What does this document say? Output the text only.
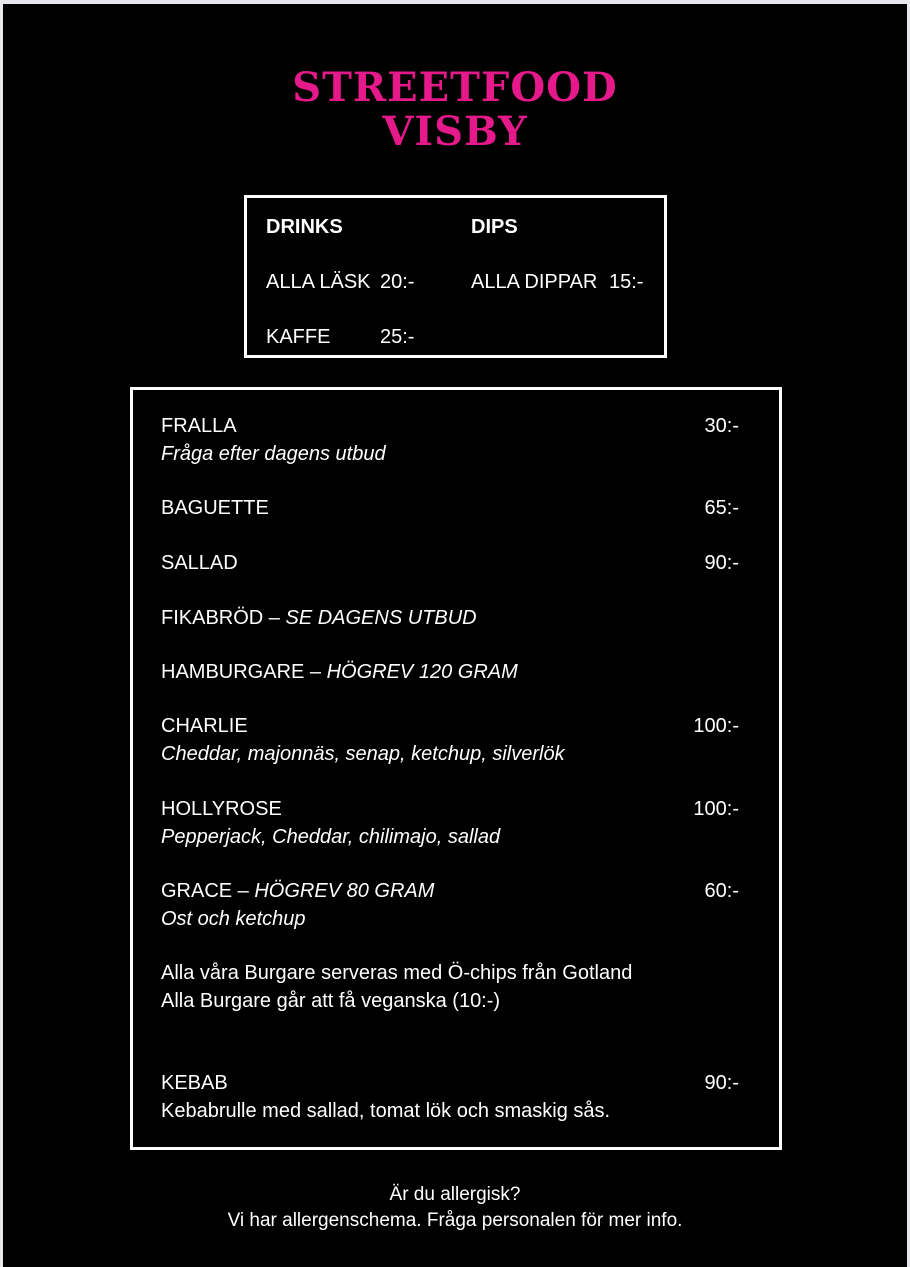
STREETFOOD
VISBY
DRINKS	DIPS
ALLA LÄSK 20:-	ALLA DIPPAR 15:-
KAFFE 25:-
FRALLA	30:-
Fråga efter dagens utbud
BAGUETTE	65:-
SALLAD	90:-
FIKABRÖD – SE DAGENS UTBUD
HAMBURGARE – HÖGREV 120 GRAM
CHARLIE	100:-
Cheddar, majonnäs, senap, ketchup, silverlök
HOLLYROSE	100:-
Pepperjack, Cheddar, chilimajo, sallad
GRACE – HÖGREV 80 GRAM	60:-
Ost och ketchup
Alla våra Burgare serveras med Ö-chips från Gotland
Alla Burgare går att få veganska (10:-)
KEBAB	90:-
Kebabrulle med sallad, tomat lök och smaskig sås.
Är du allergisk?
Vi har allergenschema. Fråga personalen för mer info.
